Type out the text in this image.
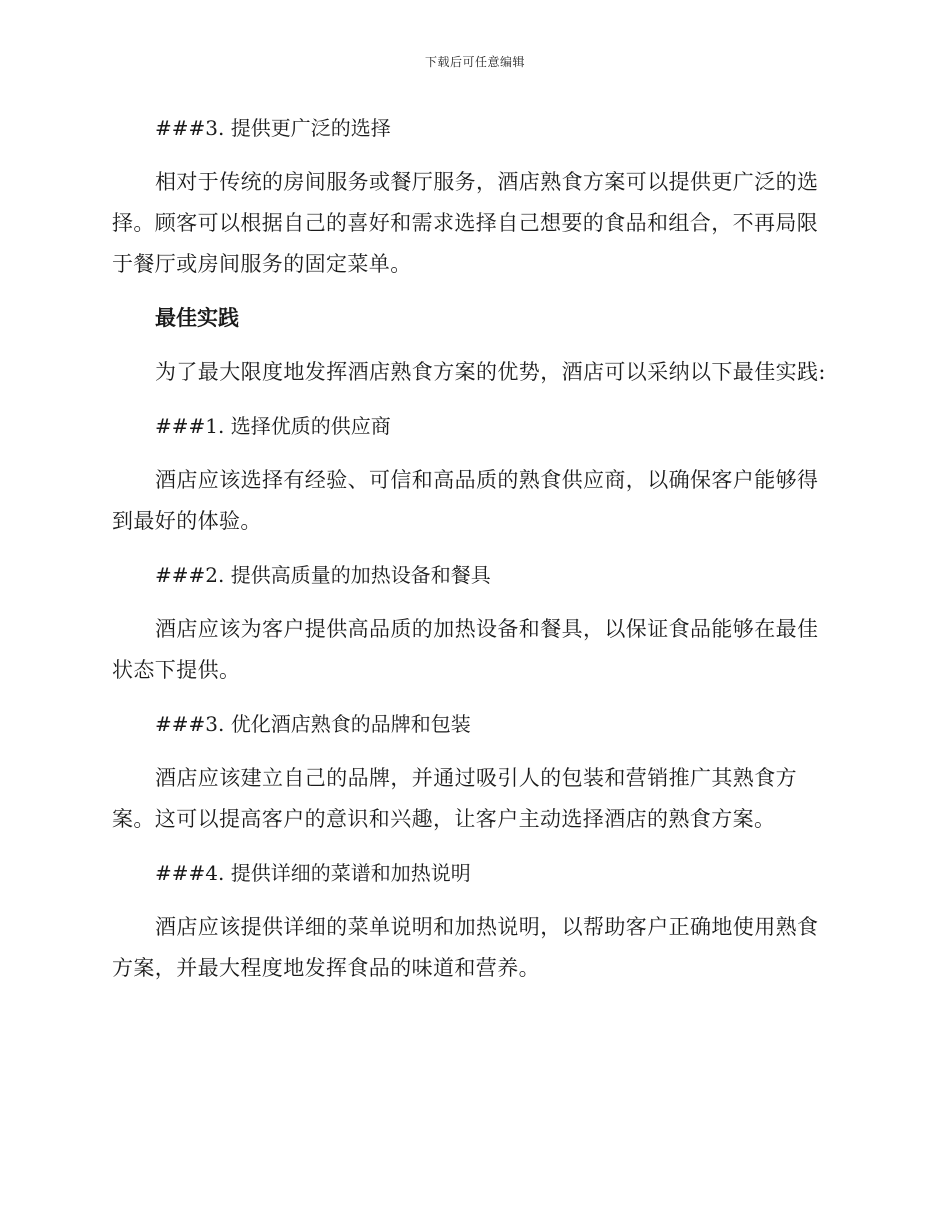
下载后可任意编辑

###3. 提供更广泛的选择

相对于传统的房间服务或餐厅服务，酒店熟食方案可以提供更广泛的选择。顾客可以根据自己的喜好和需求选择自己想要的食品和组合，不再局限于餐厅或房间服务的固定菜单。

最佳实践

为了最大限度地发挥酒店熟食方案的优势，酒店可以采纳以下最佳实践:

###1. 选择优质的供应商

酒店应该选择有经验、可信和高品质的熟食供应商，以确保客户能够得到最好的体验。

###2. 提供高质量的加热设备和餐具

酒店应该为客户提供高品质的加热设备和餐具，以保证食品能够在最佳状态下提供。

###3. 优化酒店熟食的品牌和包装

酒店应该建立自己的品牌，并通过吸引人的包装和营销推广其熟食方案。这可以提高客户的意识和兴趣，让客户主动选择酒店的熟食方案。

###4. 提供详细的菜谱和加热说明

酒店应该提供详细的菜单说明和加热说明，以帮助客户正确地使用熟食方案，并最大程度地发挥食品的味道和营养。
